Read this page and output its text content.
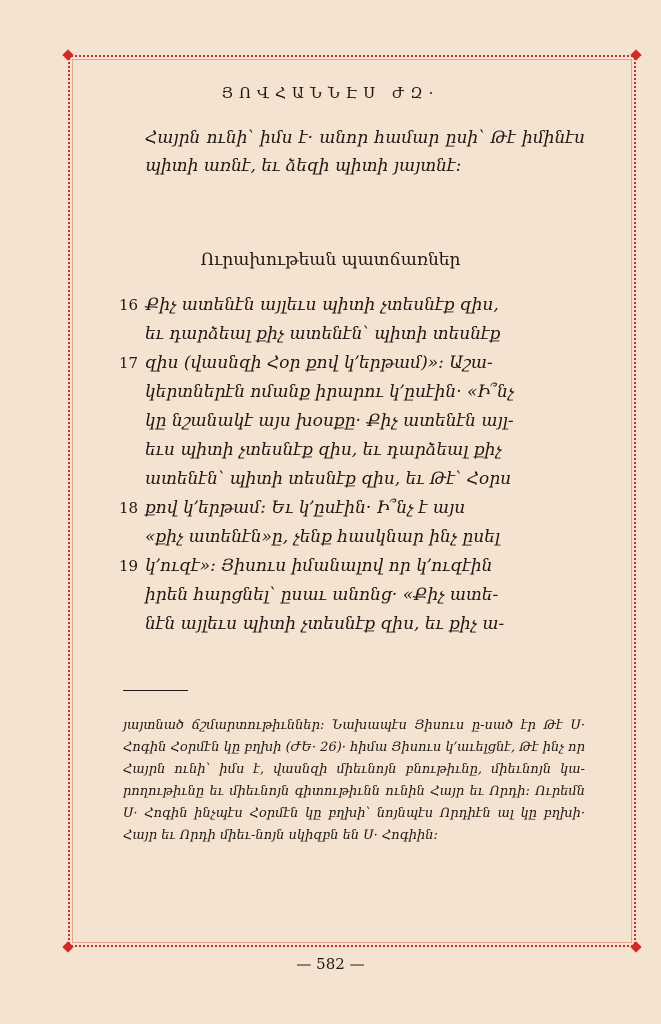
ՅՈՎՀԱՆՆԷՍ ԺԶ·

Հայրն ունի՝ իմս է· անոր համար ըսի՝ Թէ իմինէս պիտի առնէ, եւ ձեզի պիտի յայտնէ:

Ուրախութեան պատճառներ
16 Քիչ ատենէն այլեւս պիտի չտեսնէք զիս,
եւ դարձեալ քիչ ատենէն՝ պիտի տեսնէք
17 զիս (վասնզի Հօր քով կ՚երթամ)»: Աշա-
կերտներէն ոմանք իրարու կ՚ըսէին· «Ի՞նչ
կը նշանակէ այս խօսքը· Քիչ ատենէն այլ-
եւս պիտի չտեսնէք զիս, եւ դարձեալ քիչ
ատենէն՝ պիտի տեսնէք զիս, եւ Թէ՝ Հօրս
18 քով կ՚երթամ: Եւ կ՚ըսէին· Ի՞նչ է այս
«քիչ ատենէն»ը, չենք հասկնար ինչ ըսել
19 կ՚ուզէ»: Յիսուս իմանալով որ կ՚ուզէին
իրեն հարցնել՝ ըսաւ անոնց· «Քիչ ատե-
նէն այլեւս պիտի չտեսնէք զիս, եւ քիչ ա-

յայտնած ճշմարտութիւններ: Նախապէս Յիսուս ը-սած էր Թէ Ս· Հոգին Հօրմէն կը բղխի (ԺԵ· 26)· հիմա Յիսուս կ՚աւելցնէ, Թէ ինչ որ Հայրն ունի՝ իմս է, վասնզի միեւնոյն բնութիւնը, միեւնոյն կա-րողութիւնը եւ միեւնոյն գիտութիւնն ունին Հայր եւ Որդի: Ուրեմն Ս· Հոգին ինչպէս Հօրմէն կը բղխի՝ նոյնպէս Որդիէն ալ կը բղխի· Հայր եւ Որդի միեւ-նոյն սկիզբն են Ս· Հոգիին:

— 582 —
